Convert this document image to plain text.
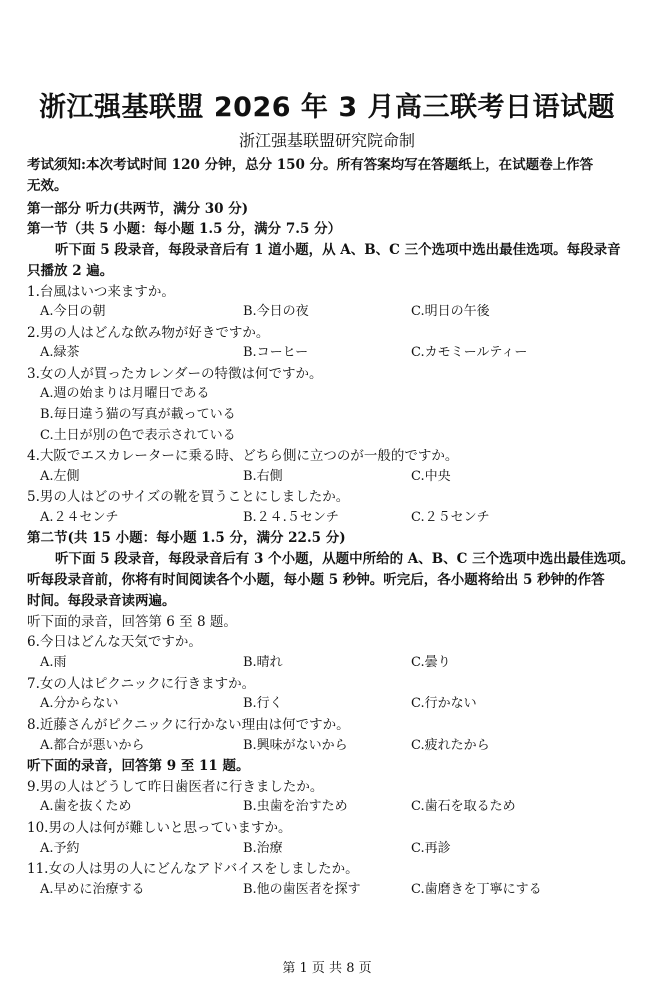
浙江强基联盟 2026 年 3 月高三联考日语试题
浙江强基联盟研究院命制
考试须知:本次考试时间 120 分钟，总分 150 分。所有答案均写在答题纸上，在试题卷上作答
无效。
第一部分 听力(共两节，满分 30 分)
第一节（共 5 小题：每小题 1.5 分，满分 7.5 分）
听下面 5 段录音，每段录音后有 1 道小题，从 A、B、C 三个选项中选出最佳选项。每段录音
只播放 2 遍。
1.台風はいつ来ますか。
A.今日の朝	B.今日の夜	C.明日の午後
2.男の人はどんな飲み物が好きですか。
A.緑茶	B.コーヒー	C.カモミールティー
3.女の人が買ったカレンダーの特徴は何ですか。
A.週の始まりは月曜日である
B.毎日違う猫の写真が載っている
C.土日が別の色で表示されている
4.大阪でエスカレーターに乗る時、どちら側に立つのが一般的ですか。
A.左側	B.右側	C.中央
5.男の人はどのサイズの靴を買うことにしましたか。
A.２４センチ	B.２４.５センチ	C.２５センチ
第二节(共 15 小题：每小题 1.5 分，满分 22.5 分)
听下面 5 段录音，每段录音后有 3 个小题，从题中所给的 A、B、C 三个选项中选出最佳选项。
听每段录音前，你将有时间阅读各个小题，每小题 5 秒钟。听完后，各小题将给出 5 秒钟的作答
时间。每段录音读两遍。
听下面的录音，回答第 6 至 8 题。
6.今日はどんな天気ですか。
A.雨	B.晴れ	C.曇り
7.女の人はピクニックに行きますか。
A.分からない	B.行く	C.行かない
8.近藤さんがピクニックに行かない理由は何ですか。
A.都合が悪いから	B.興味がないから	C.疲れたから
听下面的录音，回答第 9 至 11 题。
9.男の人はどうして昨日歯医者に行きましたか。
A.歯を抜くため	B.虫歯を治すため	C.歯石を取るため
10.男の人は何が難しいと思っていますか。
A.予約	B.治療	C.再診
11.女の人は男の人にどんなアドバイスをしましたか。
A.早めに治療する	B.他の歯医者を探す	C.歯磨きを丁寧にする
第 1 页 共 8 页
